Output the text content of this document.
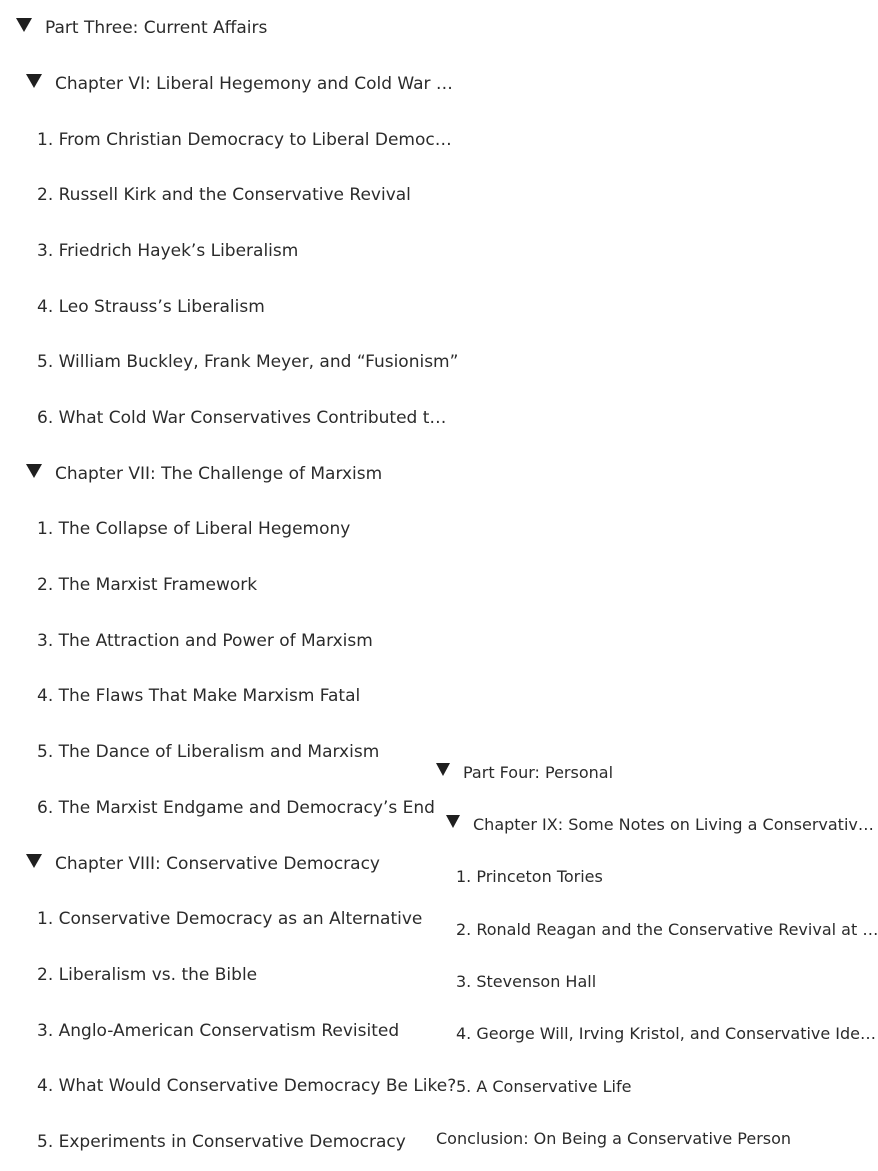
Part Three: Current Affairs
Chapter VI: Liberal Hegemony and Cold War …
1. From Christian Democracy to Liberal Democ…
2. Russell Kirk and the Conservative Revival
3. Friedrich Hayek’s Liberalism
4. Leo Strauss’s Liberalism
5. William Buckley, Frank Meyer, and “Fusionism”
6. What Cold War Conservatives Contributed t…
Chapter VII: The Challenge of Marxism
1. The Collapse of Liberal Hegemony
2. The Marxist Framework
3. The Attraction and Power of Marxism
4. The Flaws That Make Marxism Fatal
5. The Dance of Liberalism and Marxism
6. The Marxist Endgame and Democracy’s End
Chapter VIII: Conservative Democracy
1. Conservative Democracy as an Alternative
2. Liberalism vs. the Bible
3. Anglo-American Conservatism Revisited
4. What Would Conservative Democracy Be Like?
5. Experiments in Conservative Democracy
Part Four: Personal
Chapter IX: Some Notes on Living a Conservativ…
1. Princeton Tories
2. Ronald Reagan and the Conservative Revival at …
3. Stevenson Hall
4. George Will, Irving Kristol, and Conservative Ide…
5. A Conservative Life
Conclusion: On Being a Conservative Person
